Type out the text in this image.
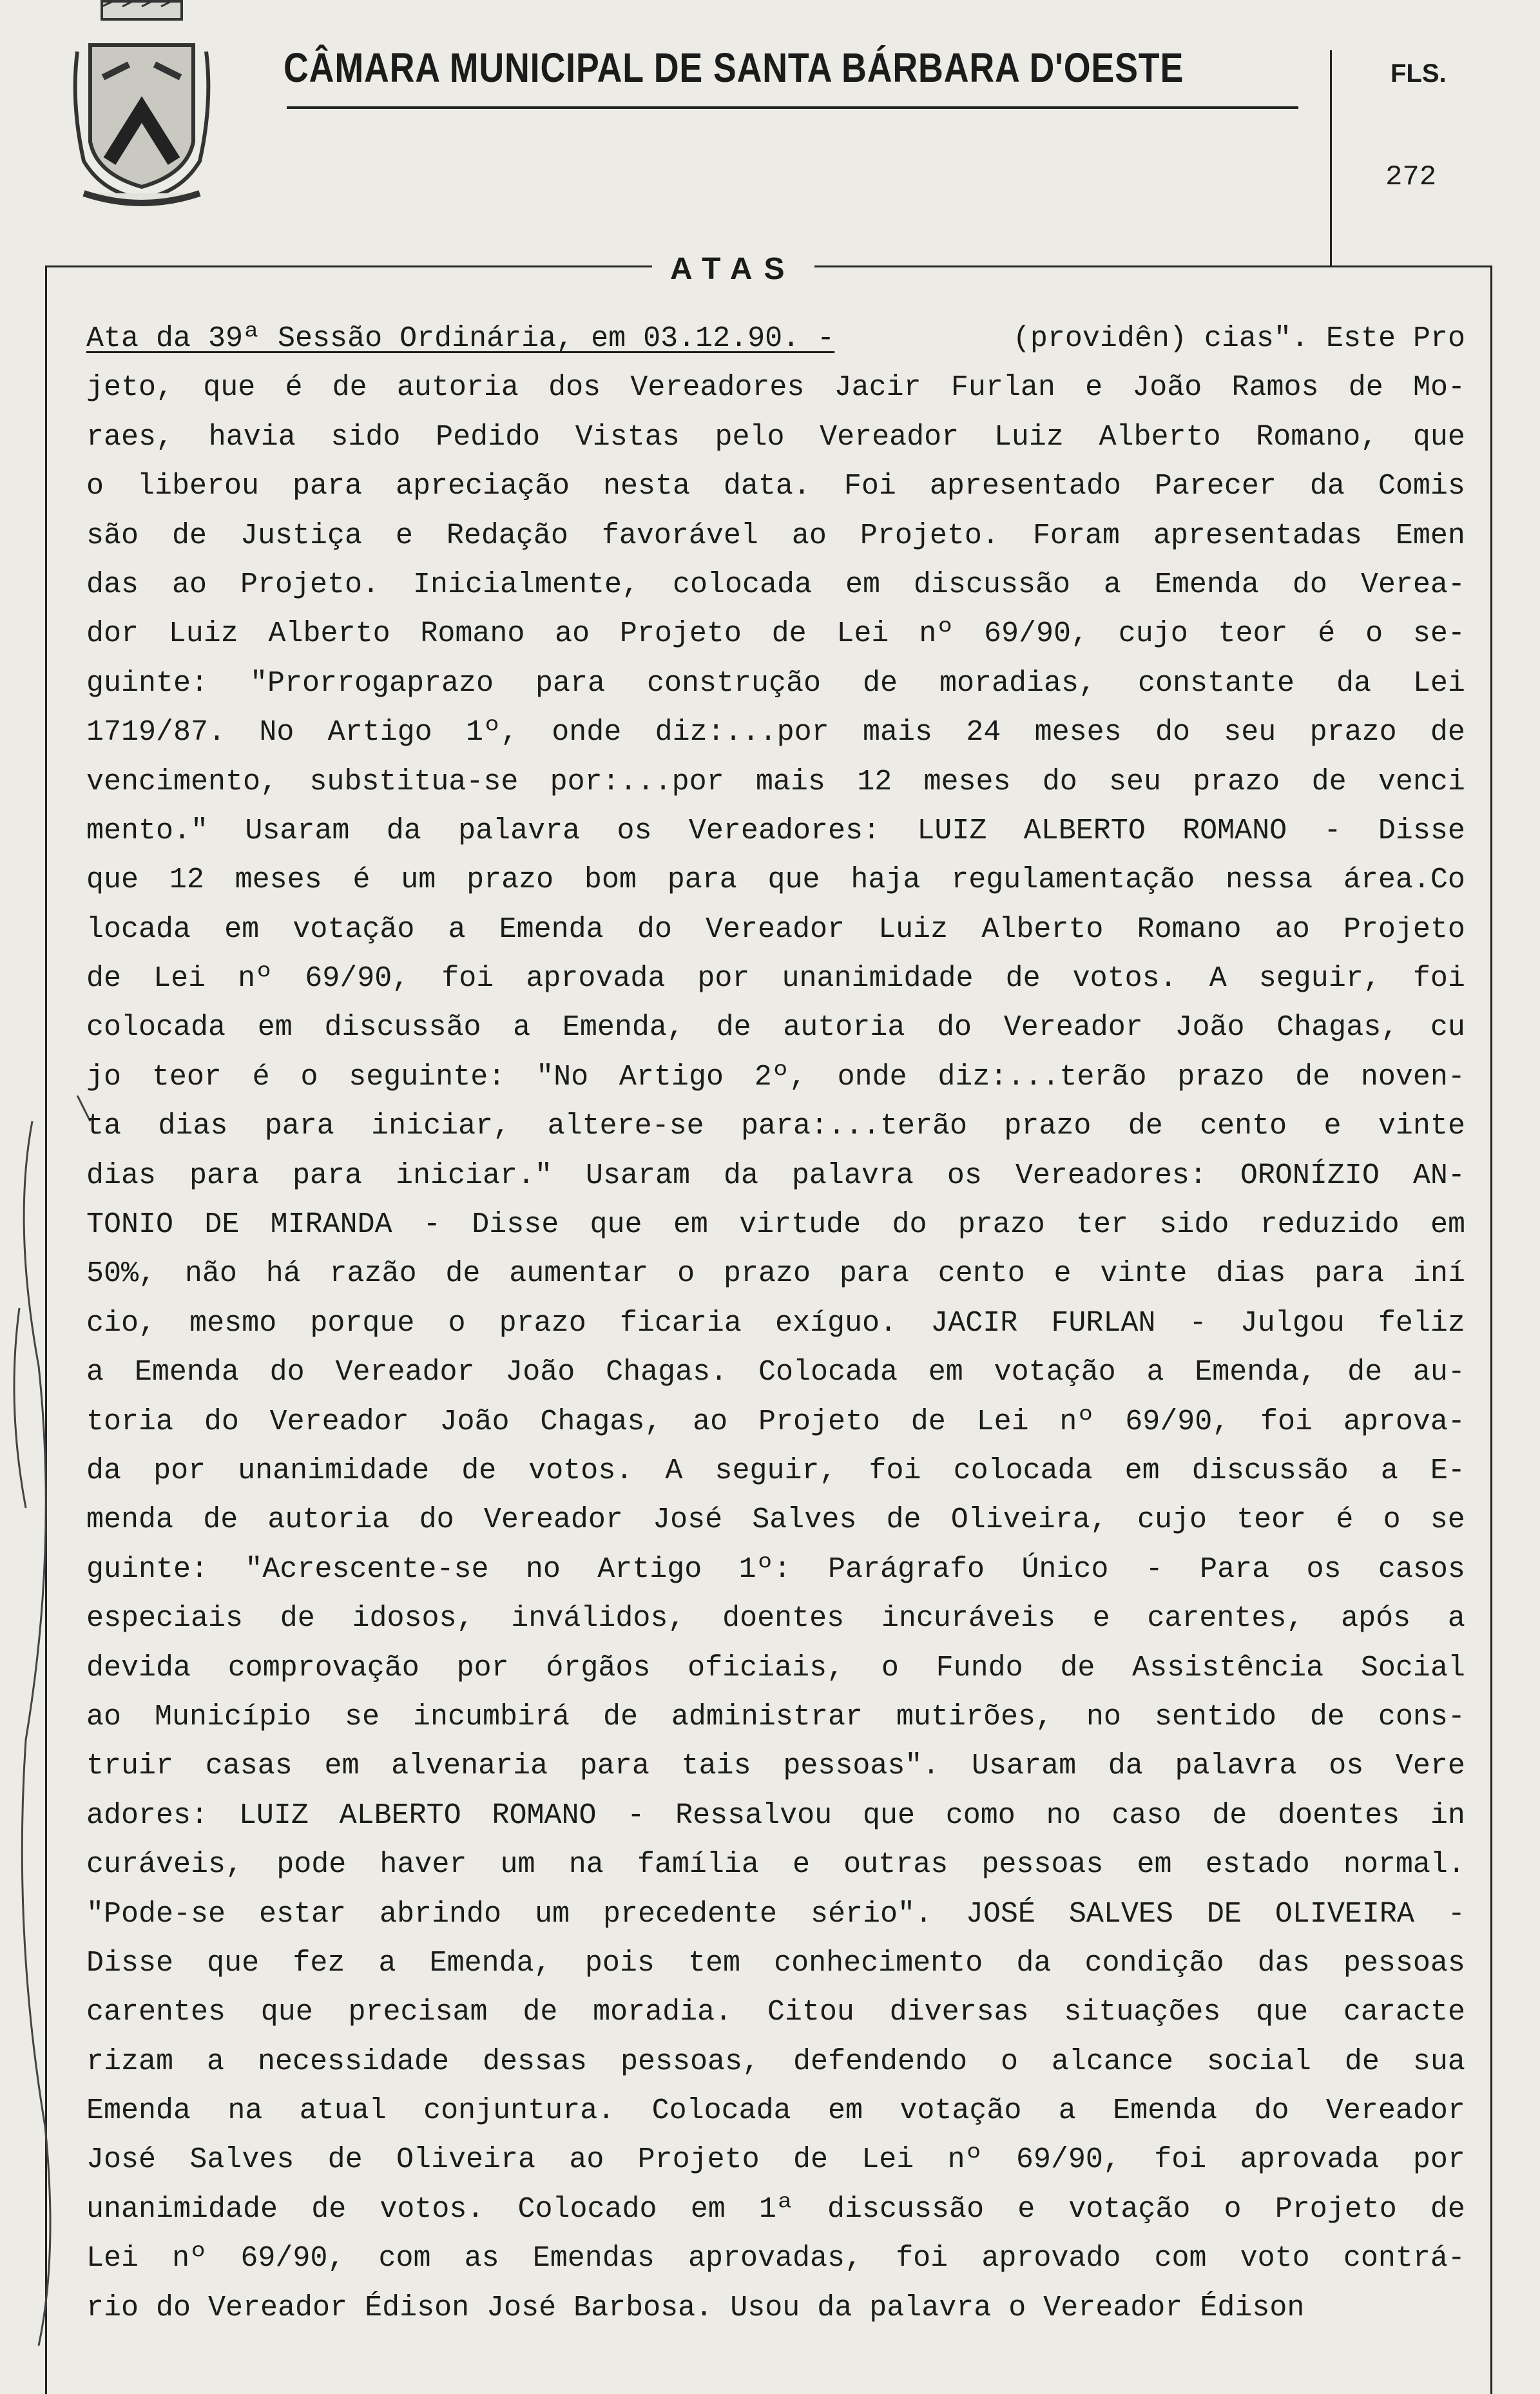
CÂMARA MUNICIPAL DE SANTA BÁRBARA D'OESTE	FLS.
272
ATAS
Ata da 39ª Sessão Ordinária, em 03.12.90. -	(providên) cias". Este Pro
jeto, que é de autoria dos Vereadores Jacir Furlan e João Ramos de Mo-
raes, havia sido Pedido Vistas pelo Vereador Luiz Alberto Romano, que
o liberou para apreciação nesta data. Foi apresentado Parecer da Comis
são de Justiça e Redação favorável ao Projeto. Foram apresentadas Emen
das ao Projeto. Inicialmente, colocada em discussão a Emenda do Verea-
dor Luiz Alberto Romano ao Projeto de Lei nº 69/90, cujo teor é o se-
guinte: "Prorrogaprazo para construção de moradias, constante da Lei
1719/87. No Artigo 1º, onde diz:...por mais 24 meses do seu prazo de
vencimento, substitua-se por:...por mais 12 meses do seu prazo de venci
mento." Usaram da palavra os Vereadores: LUIZ ALBERTO ROMANO - Disse
que 12 meses é um prazo bom para que haja regulamentação nessa área.Co
locada em votação a Emenda do Vereador Luiz Alberto Romano ao Projeto
de Lei nº 69/90, foi aprovada por unanimidade de votos. A seguir, foi
colocada em discussão a Emenda, de autoria do Vereador João Chagas, cu
jo teor é o seguinte: "No Artigo 2º, onde diz:...terão prazo de noven-
ta dias para iniciar, altere-se para:...terão prazo de cento e vinte
dias para para iniciar." Usaram da palavra os Vereadores: ORONÍZIO AN-
TONIO DE MIRANDA - Disse que em virtude do prazo ter sido reduzido em
50%, não há razão de aumentar o prazo para cento e vinte dias para iní
cio, mesmo porque o prazo ficaria exíguo. JACIR FURLAN - Julgou feliz
a Emenda do Vereador João Chagas. Colocada em votação a Emenda, de au-
toria do Vereador João Chagas, ao Projeto de Lei nº 69/90, foi aprova-
da por unanimidade de votos. A seguir, foi colocada em discussão a E-
menda de autoria do Vereador José Salves de Oliveira, cujo teor é o se
guinte: "Acrescente-se no Artigo 1º: Parágrafo Único - Para os casos
especiais de idosos, inválidos, doentes incuráveis e carentes, após a
devida comprovação por órgãos oficiais, o Fundo de Assistência Social
ao Município se incumbirá de administrar mutirões, no sentido de cons-
truir casas em alvenaria para tais pessoas". Usaram da palavra os Vere
adores: LUIZ ALBERTO ROMANO - Ressalvou que como no caso de doentes in
curáveis, pode haver um na família e outras pessoas em estado normal.
"Pode-se estar abrindo um precedente sério". JOSÉ SALVES DE OLIVEIRA -
Disse que fez a Emenda, pois tem conhecimento da condição das pessoas
carentes que precisam de moradia. Citou diversas situações que caracte
rizam a necessidade dessas pessoas, defendendo o alcance social de sua
Emenda na atual conjuntura. Colocada em votação a Emenda do Vereador
José Salves de Oliveira ao Projeto de Lei nº 69/90, foi aprovada por
unanimidade de votos. Colocado em 1ª discussão e votação o Projeto de
Lei nº 69/90, com as Emendas aprovadas, foi aprovado com voto contrá-
rio do Vereador Édison José Barbosa. Usou da palavra o Vereador Édison
